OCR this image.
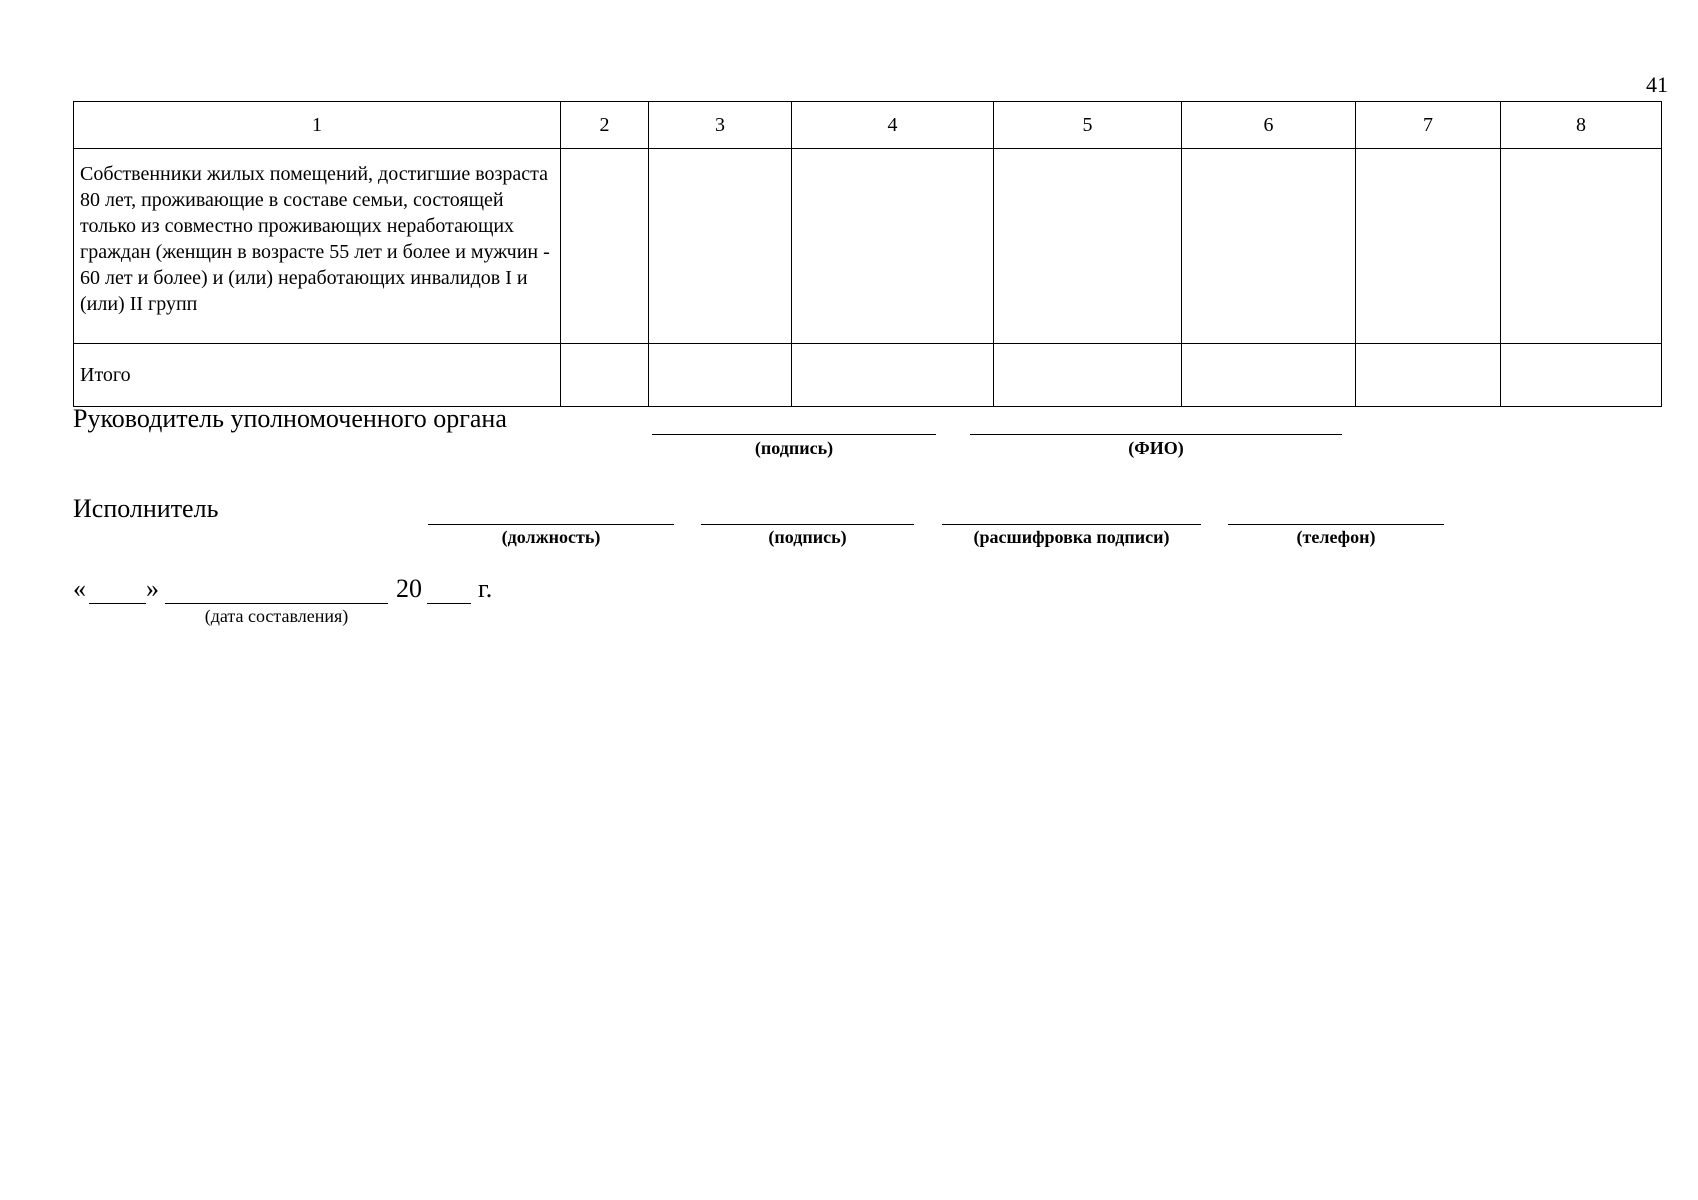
41
1	2	3	4	5	6	7	8
Собственники жилых помещений, достигшие возраста 80 лет, проживающие в составе семьи, состоящей только из совместно проживающих неработающих граждан (женщин в возрасте 55 лет и более и мужчин - 60 лет и более) и (или) неработающих инвалидов I и (или) II групп							
Итого							
Руководитель уполномоченного органа
(подпись)	(ФИО)
Исполнитель
(должность)	(подпись)	(расшифровка подписи)	(телефон)
« »
(дата составления)
20 г.
